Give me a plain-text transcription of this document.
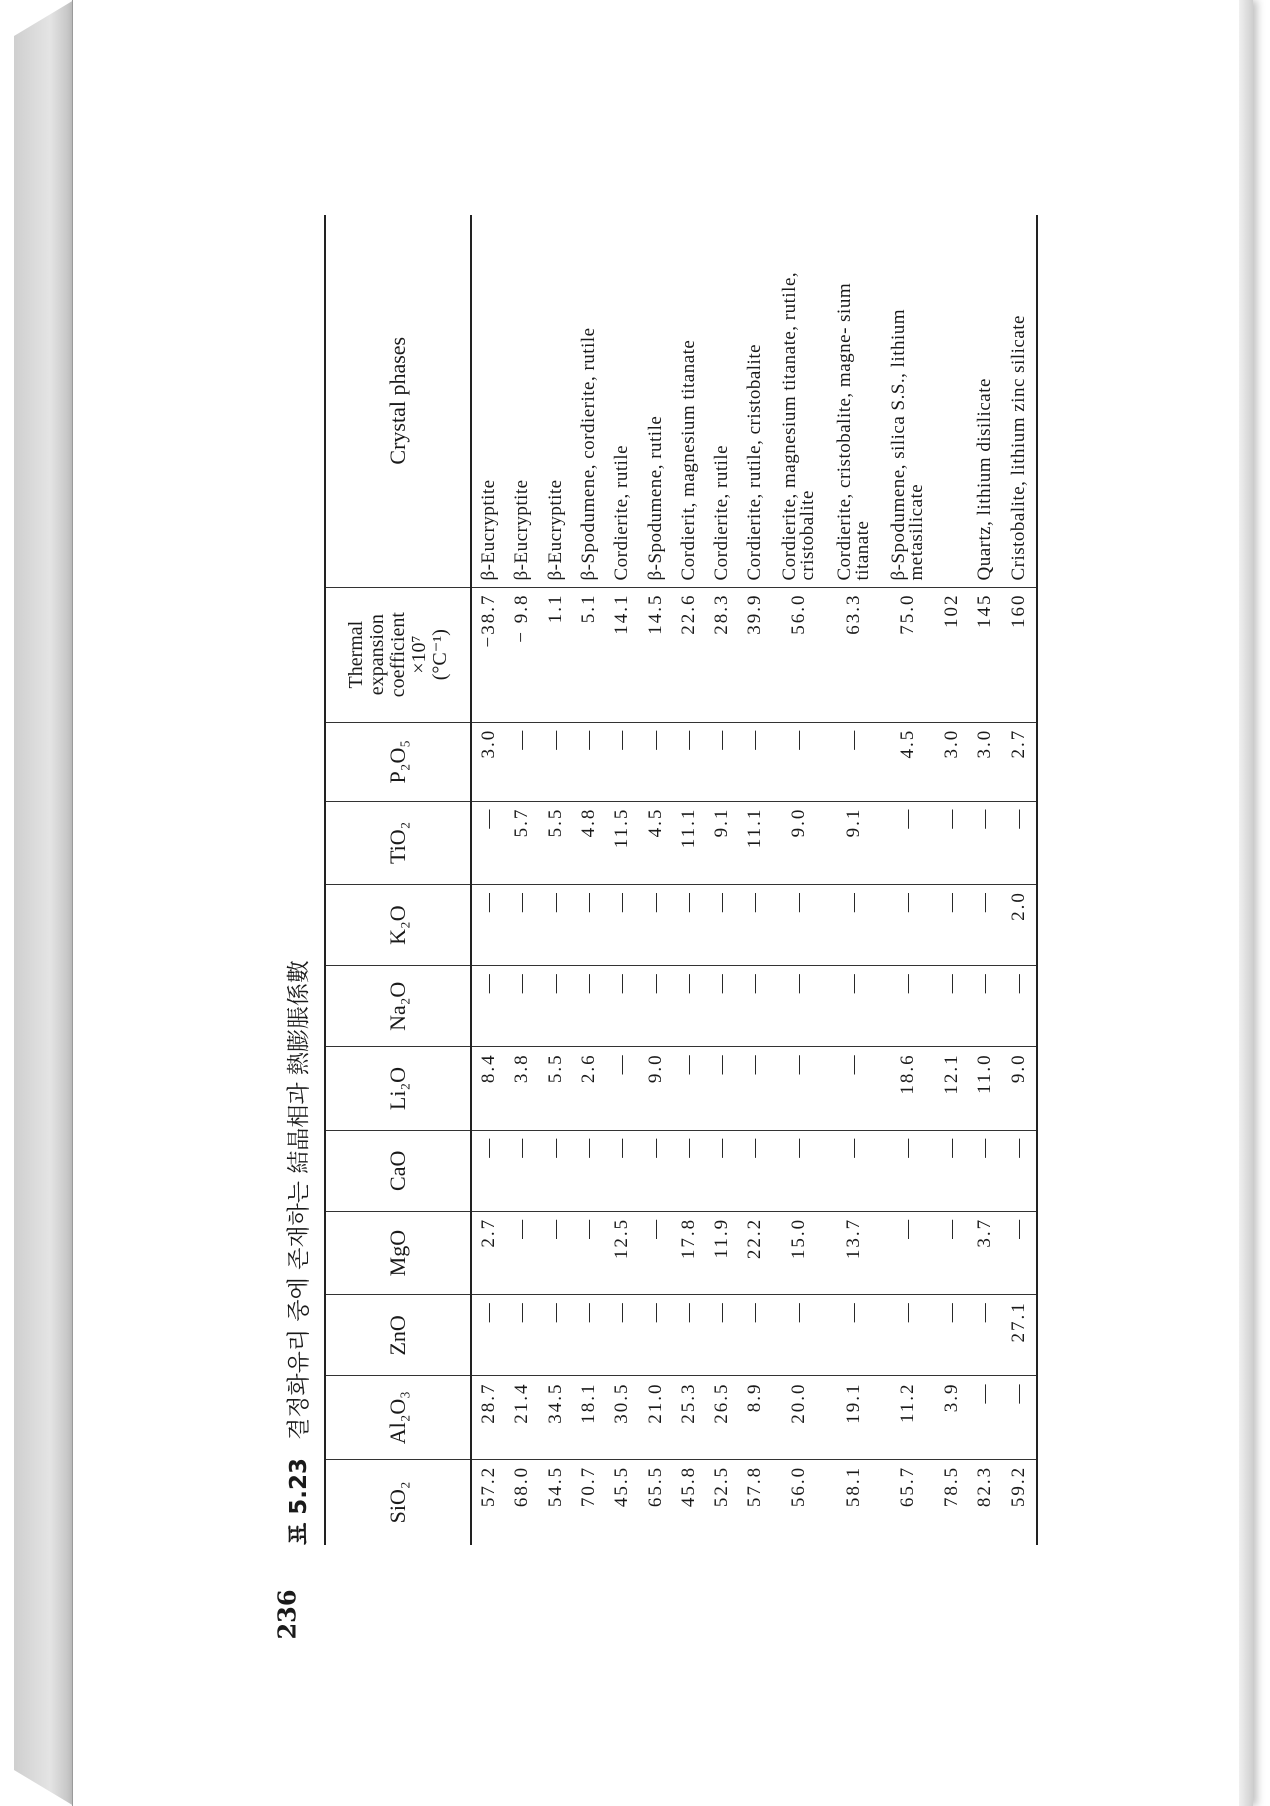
236
표 5.23결정화유리 중에 존재하는 結晶相과 熱膨脹係數
SiO₂	Al₂O₃	ZnO	MgO	CaO	Li₂O	Na₂O	K₂O	TiO₂	P₂O₅	Thermal expansion coefficient ×10⁷ (°C⁻¹)	Crystal phases
57.2	28.7	—	2.7	—	8.4	—	—	—	3.0	−38.7	β-Eucryptite
68.0	21.4	—	—	—	3.8	—	—	5.7	—	− 9.8	β-Eucryptite
54.5	34.5	—	—	—	5.5	—	—	5.5	—	1.1	β-Eucryptite
70.7	18.1	—	—	—	2.6	—	—	4.8	—	5.1	β-Spodumene, cordierite, rutile
45.5	30.5	—	12.5	—	—	—	—	11.5	—	14.1	Cordierite, rutile
65.5	21.0	—	—	—	9.0	—	—	4.5	—	14.5	β-Spodumene, rutile
45.8	25.3	—	17.8	—	—	—	—	11.1	—	22.6	Cordierit, magnesium titanate
52.5	26.5	—	11.9	—	—	—	—	9.1	—	28.3	Cordierite, rutile
57.8	8.9	—	22.2	—	—	—	—	11.1	—	39.9	Cordierite, rutile, cristobalite
56.0	20.0	—	15.0	—	—	—	—	9.0	—	56.0	Cordierite, magnesium titanate, rutile, cristobalite
58.1	19.1	—	13.7	—	—	—	—	9.1	—	63.3	Cordierite, cristobalite, magne- sium titanate
65.7	11.2	—	—	—	18.6	—	—	—	4.5	75.0	β-Spodumene, silica S.S., lithium metasilicate
78.5	3.9	—	—	—	12.1	—	—	—	3.0	102	
82.3	—	—	3.7	—	11.0	—	—	—	3.0	145	Quartz, lithium disilicate
59.2	—	27.1	—	—	9.0	—	2.0	—	2.7	160	Cristobalite, lithium zinc silicate
